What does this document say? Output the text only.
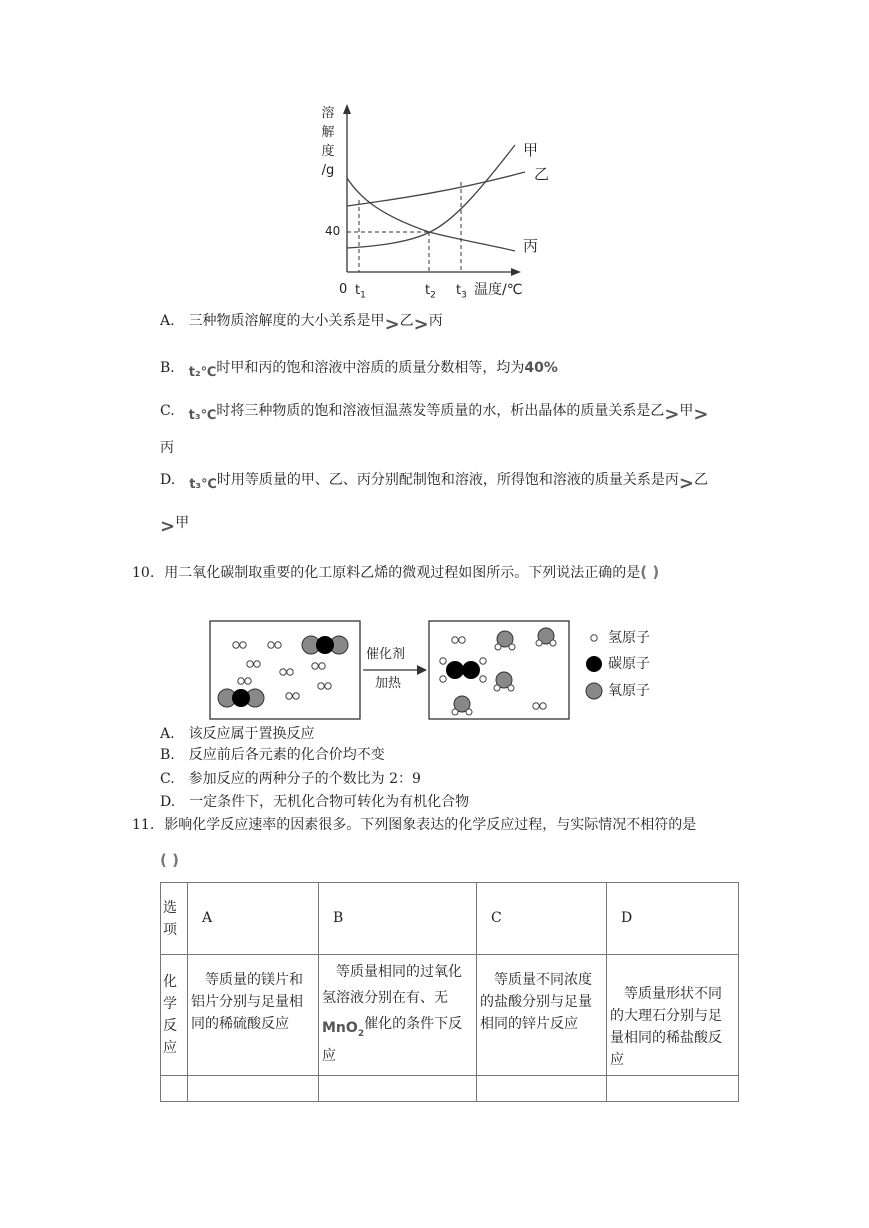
溶
解
度
/g
40
0 $t_1$	$t_2$ $t_3$ 温度/℃
甲
乙
丙
A. 三种物质溶解度的大小关系是甲>乙>丙
B. t₂℃时甲和丙的饱和溶液中溶质的质量分数相等，均为40%
C. t₃℃时将三种物质的饱和溶液恒温蒸发等质量的水，析出晶体的质量关系是乙>甲>
丙
D. t₃℃时用等质量的甲、乙、丙分别配制饱和溶液，所得饱和溶液的质量关系是丙>乙
>甲
10. 用二氧化碳制取重要的化工原料乙烯的微观过程如图所示。下列说法正确的是( )
催化剂
加热
氢原子
碳原子
氧原子
A. 该反应属于置换反应
B. 反应前后各元素的化合价均不变
C. 参加反应的两种分子的个数比为 2：9
D. 一定条件下，无机化合物可转化为有机化合物
11. 影响化学反应速率的因素很多。下列图象表达的化学反应过程，与实际情况不相符的是
( )
选
项	A	B	C	D

化
学
反
应	　等质量的镁片和铝片分别与足量相同的稀硫酸反应	　等质量相同的过氧化氢溶液分别在有、无MnO$_2$催化的条件下反应	　等质量不同浓度的盐酸分别与足量相同的锌片反应	　等质量形状不同的大理石分别与足量相同的稀盐酸反应
